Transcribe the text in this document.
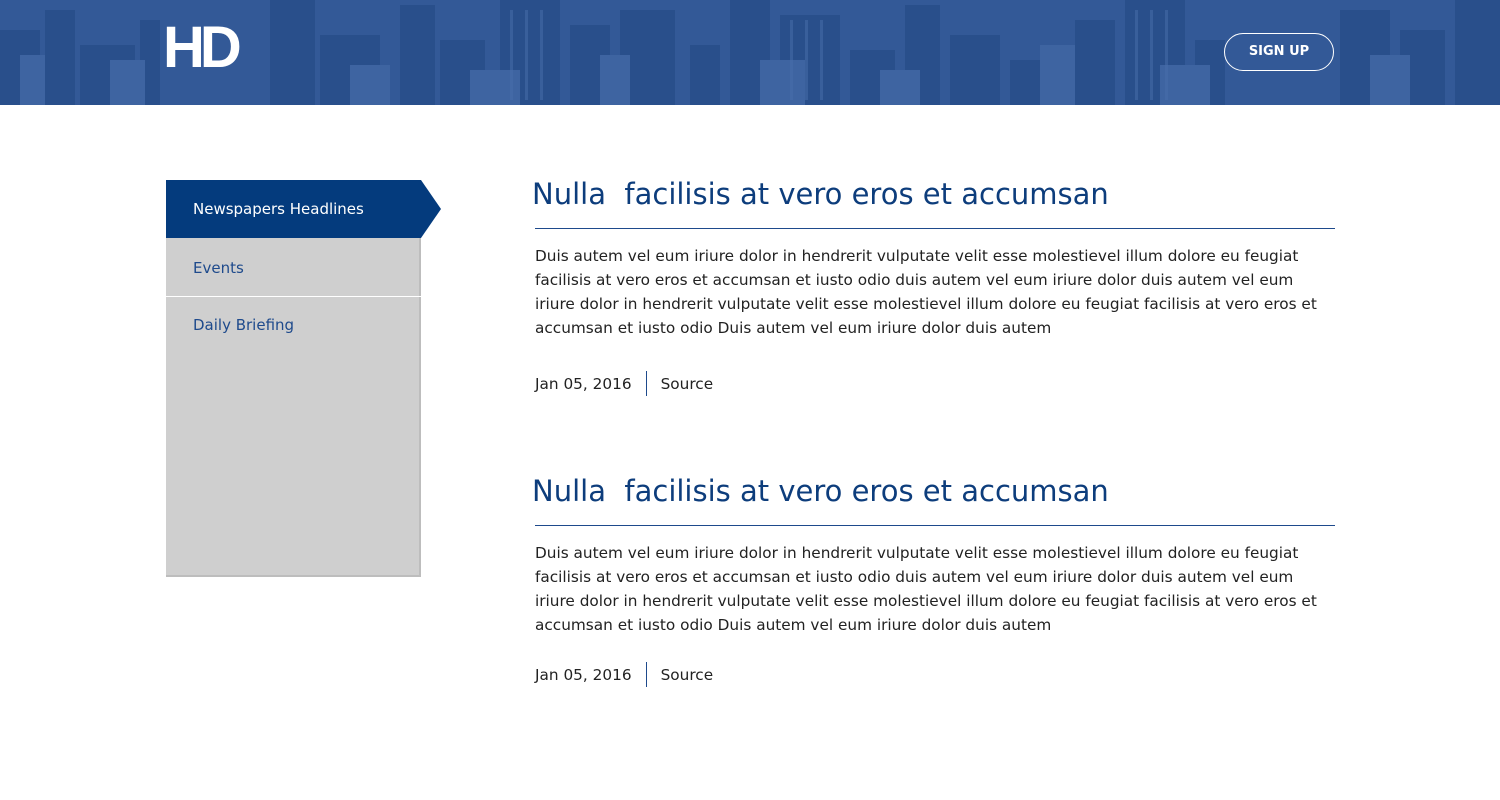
HD	SIGN UP
Newspapers Headlines
Events
Daily Briefing
Nulla  facilisis at vero eros et accumsan

Duis autem vel eum iriure dolor in hendrerit vulputate velit esse molestievel illum dolore eu feugiat facilisis at vero eros et accumsan et iusto odio duis autem vel eum iriure dolor duis autem vel eum iriure dolor in hendrerit vulputate velit esse molestievel illum dolore eu feugiat facilisis at vero eros et accumsan et iusto odio Duis autem vel eum iriure dolor duis autem

Jan 05, 2016 Source
Nulla  facilisis at vero eros et accumsan

Duis autem vel eum iriure dolor in hendrerit vulputate velit esse molestievel illum dolore eu feugiat facilisis at vero eros et accumsan et iusto odio duis autem vel eum iriure dolor duis autem vel eum iriure dolor in hendrerit vulputate velit esse molestievel illum dolore eu feugiat facilisis at vero eros et accumsan et iusto odio Duis autem vel eum iriure dolor duis autem

Jan 05, 2016 Source
